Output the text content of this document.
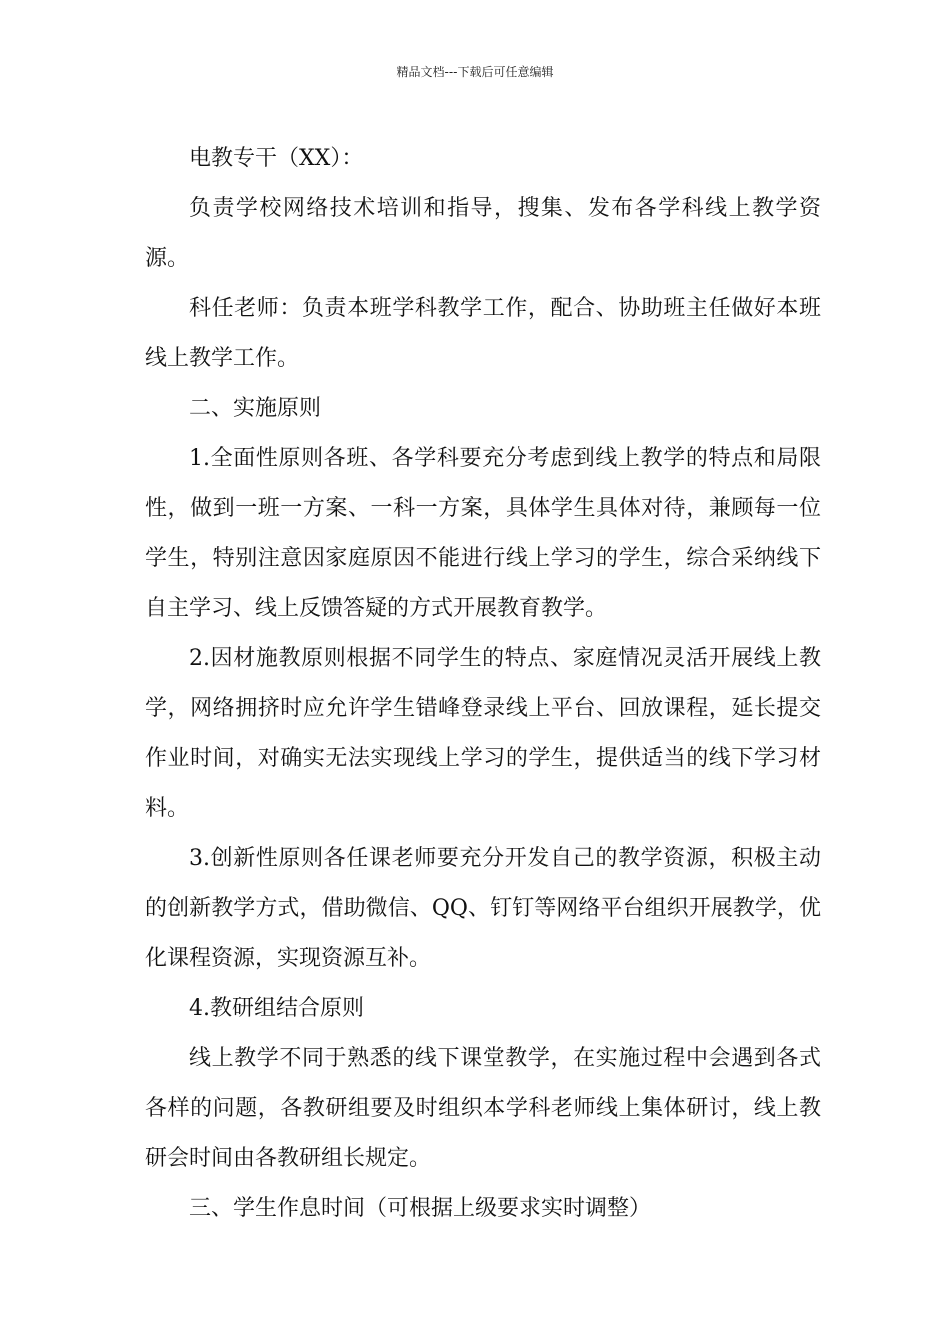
精品文档---下载后可任意编辑

电教专干（XX）：

负责学校网络技术培训和指导，搜集、发布各学科线上教学资源。

科任老师：负责本班学科教学工作，配合、协助班主任做好本班线上教学工作。

二、实施原则

1.全面性原则各班、各学科要充分考虑到线上教学的特点和局限性，做到一班一方案、一科一方案，具体学生具体对待，兼顾每一位学生，特别注意因家庭原因不能进行线上学习的学生，综合采纳线下自主学习、线上反馈答疑的方式开展教育教学。

2.因材施教原则根据不同学生的特点、家庭情况灵活开展线上教学，网络拥挤时应允许学生错峰登录线上平台、回放课程，延长提交作业时间，对确实无法实现线上学习的学生，提供适当的线下学习材料。

3.创新性原则各任课老师要充分开发自己的教学资源，积极主动的创新教学方式，借助微信、QQ、钉钉等网络平台组织开展教学，优化课程资源，实现资源互补。

4.教研组结合原则

线上教学不同于熟悉的线下课堂教学，在实施过程中会遇到各式各样的问题，各教研组要及时组织本学科老师线上集体研讨，线上教研会时间由各教研组长规定。

三、学生作息时间（可根据上级要求实时调整）
